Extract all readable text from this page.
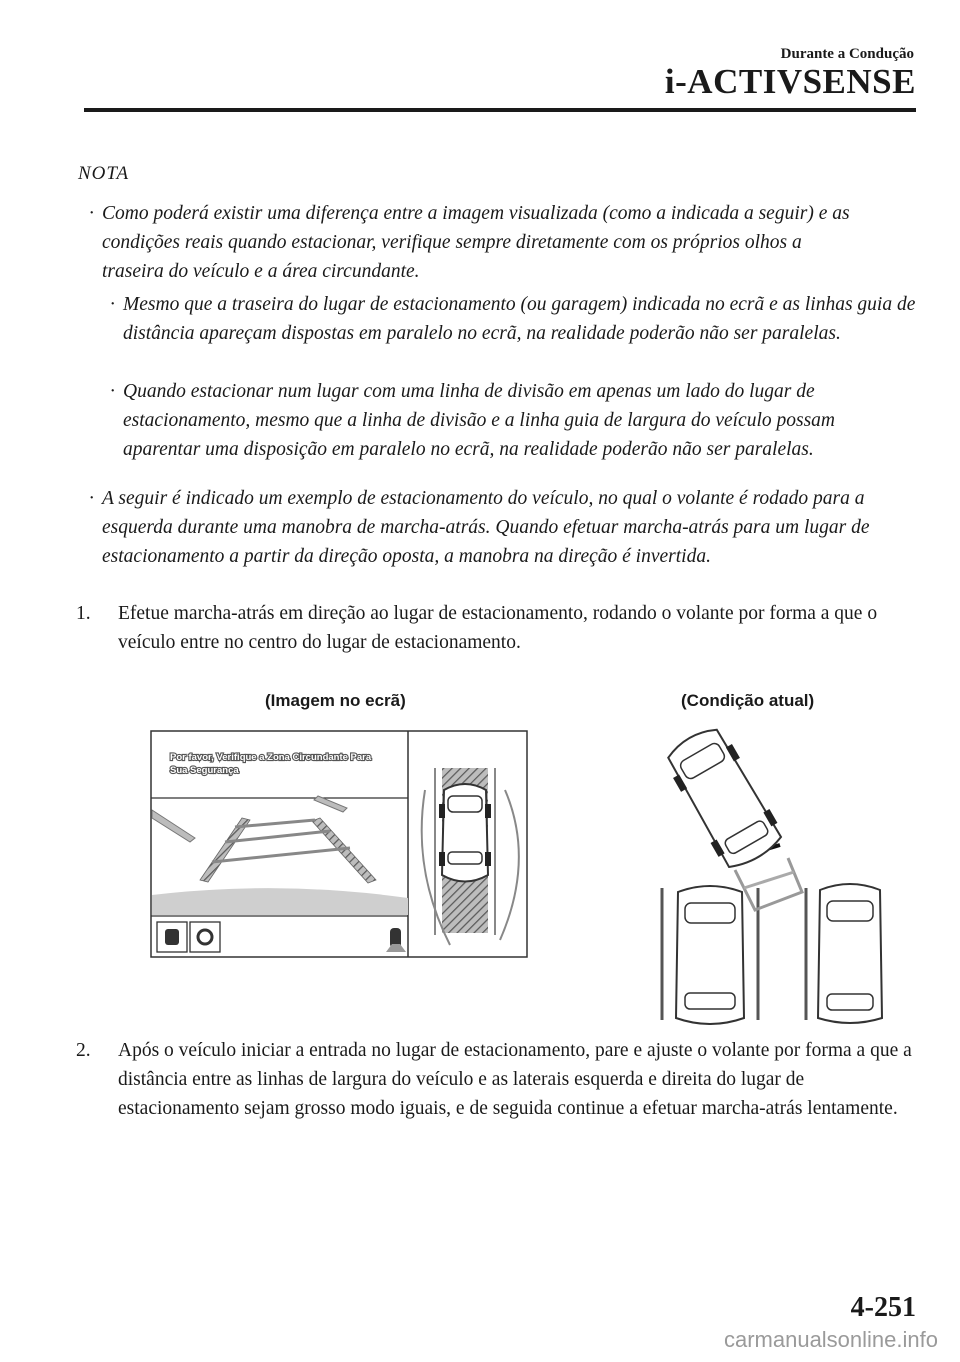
Durante a Condução
i-ACTIVSENSE
NOTA
· Como poderá existir uma diferença entre a imagem visualizada (como a indicada a seguir) e as condições reais quando estacionar, verifique sempre diretamente com os próprios olhos a traseira do veículo e a área circundante.
· Mesmo que a traseira do lugar de estacionamento (ou garagem) indicada no ecrã e as linhas guia de distância apareçam dispostas em paralelo no ecrã, na realidade poderão não ser paralelas.
· Quando estacionar num lugar com uma linha de divisão em apenas um lado do lugar de estacionamento, mesmo que a linha de divisão e a linha guia de largura do veículo possam aparentar uma disposição em paralelo no ecrã, na realidade poderão não ser paralelas.
· A seguir é indicado um exemplo de estacionamento do veículo, no qual o volante é rodado para a esquerda durante uma manobra de marcha-atrás. Quando efetuar marcha-atrás para um lugar de estacionamento a partir da direção oposta, a manobra na direção é invertida.
1. Efetue marcha-atrás em direção ao lugar de estacionamento, rodando o volante por forma a que o veículo entre no centro do lugar de estacionamento.
(Imagem no ecrã)	(Condição atual)
Por favor, Verifique a Zona Circundante Para
Sua Segurança
2. Após o veículo iniciar a entrada no lugar de estacionamento, pare e ajuste o volante por forma a que a distância entre as linhas de largura do veículo e as laterais esquerda e direita do lugar de estacionamento sejam grosso modo iguais, e de seguida continue a efetuar marcha-atrás lentamente.
4-251
carmanualsonline.info
